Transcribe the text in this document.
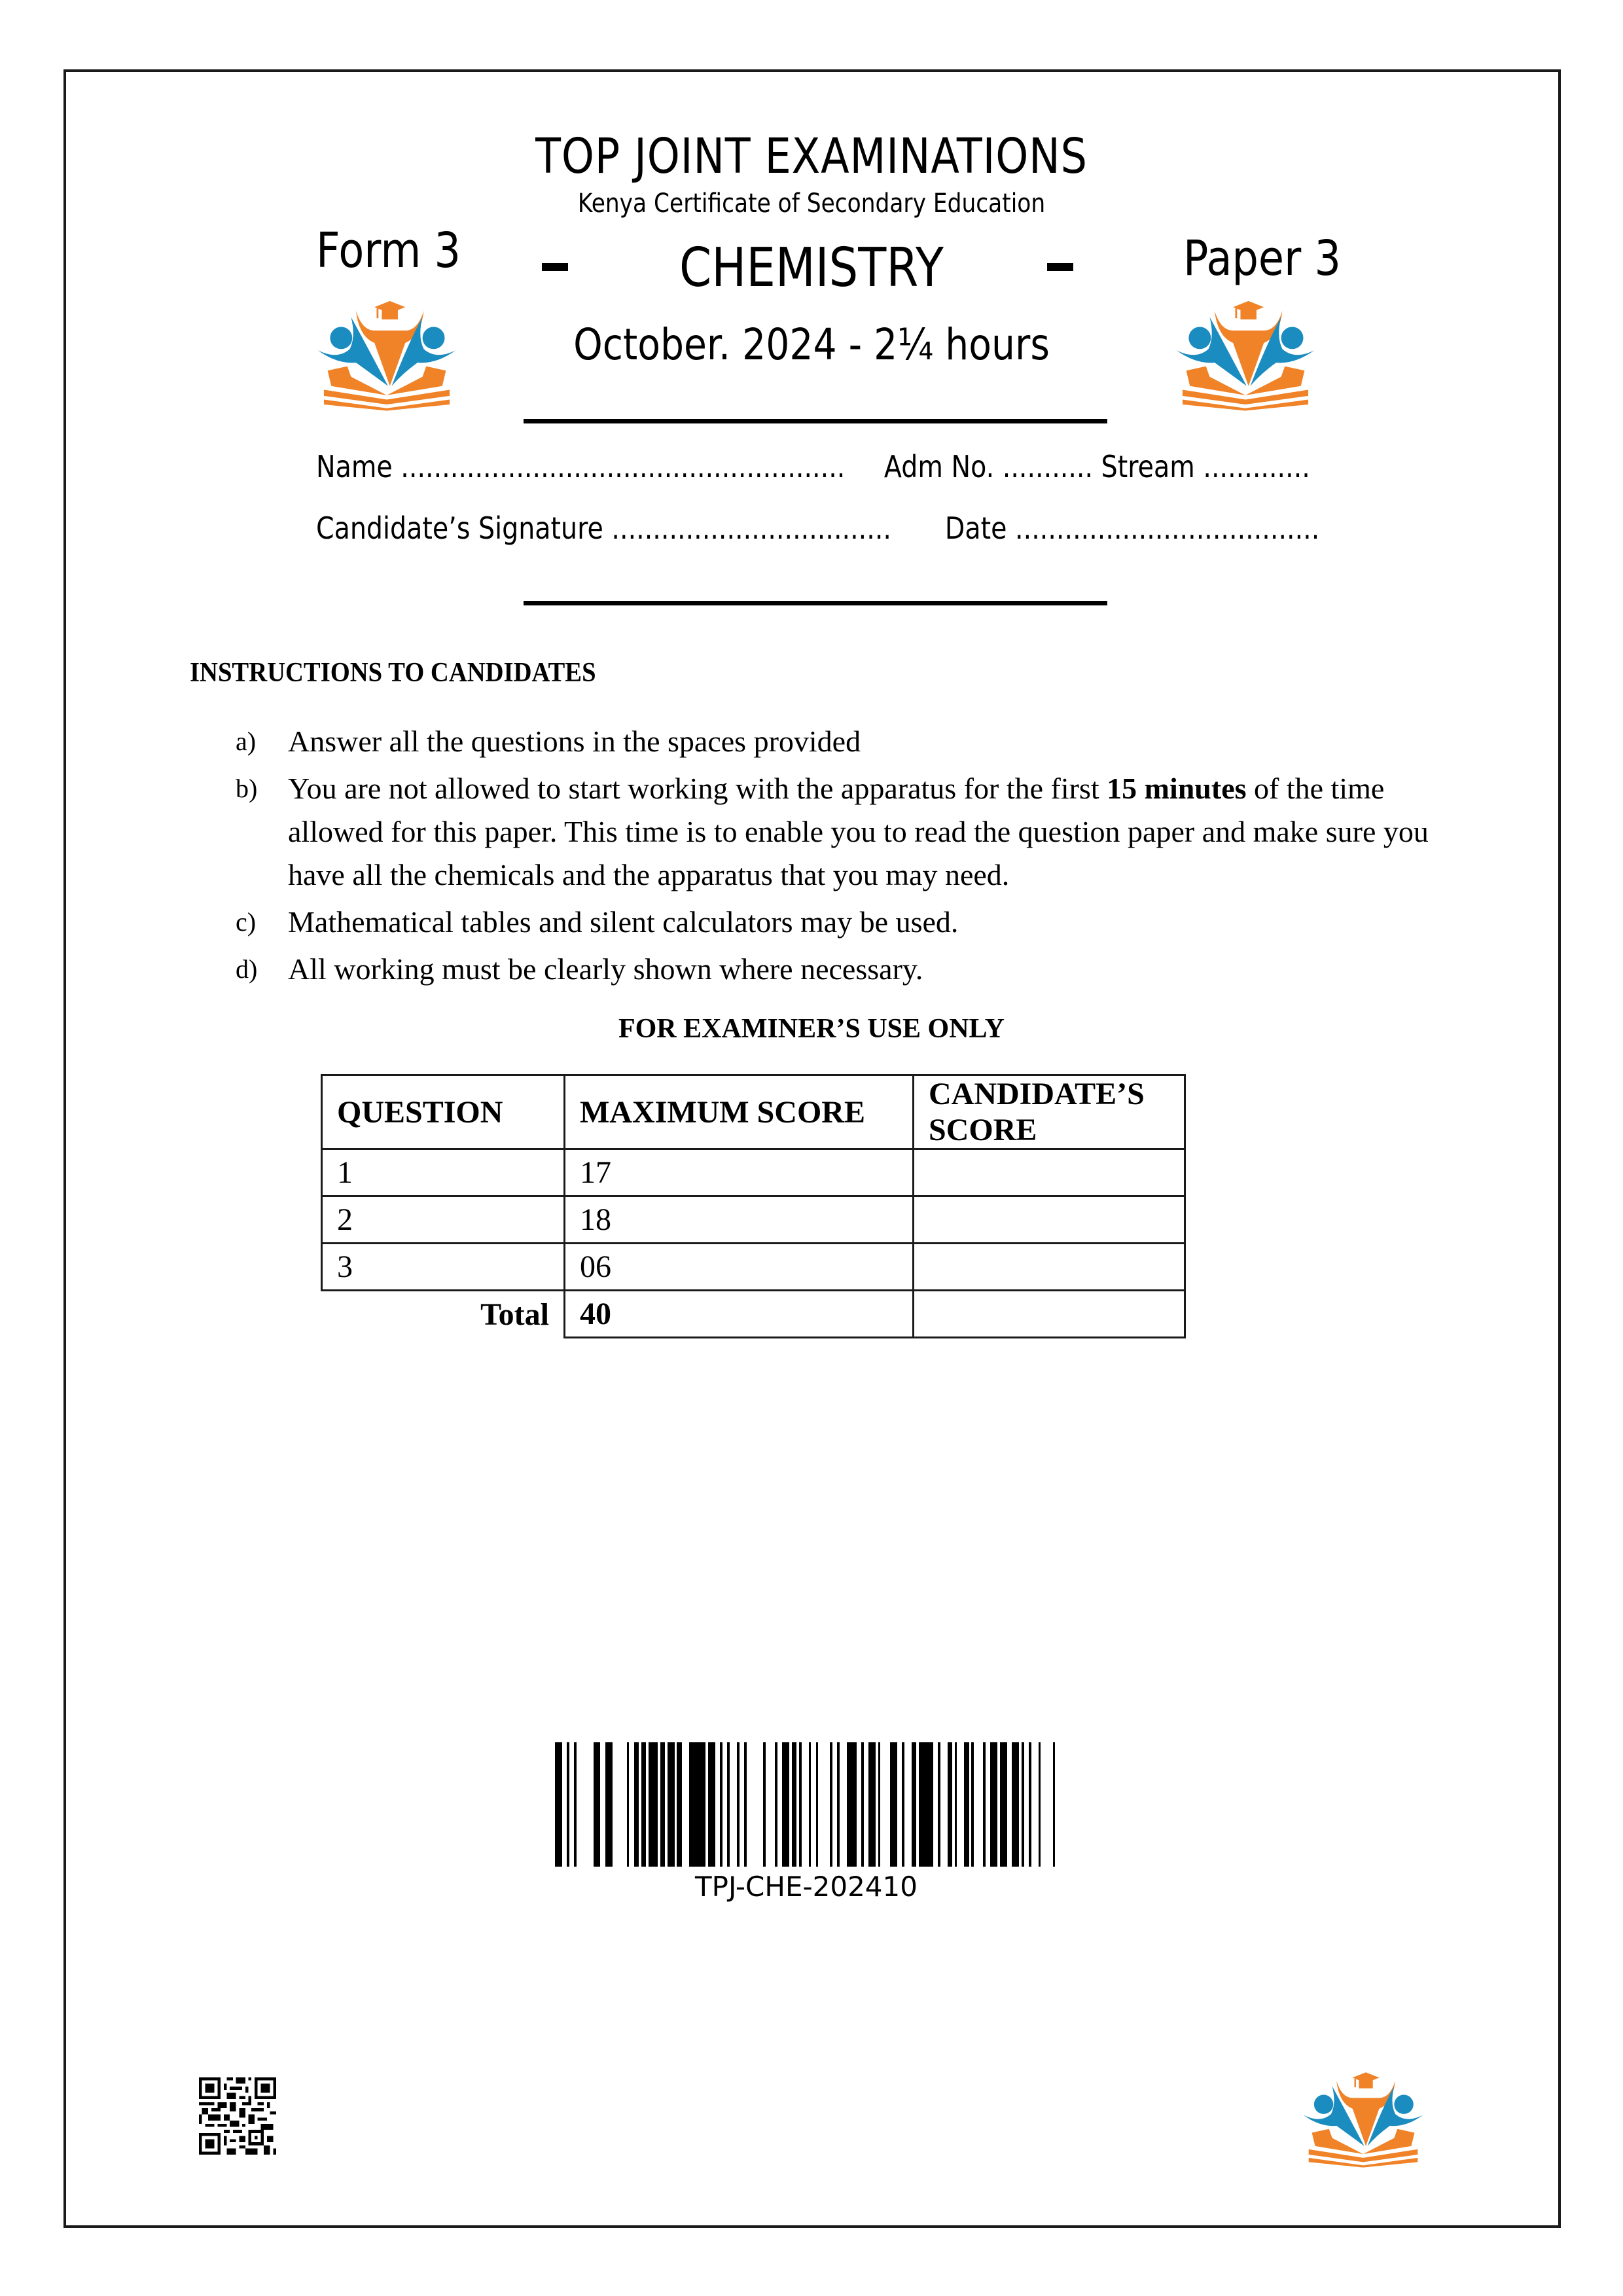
TOP JOINT EXAMINATIONS
Kenya Certificate of Secondary Education
Form 3	CHEMISTRY	Paper 3
October. 2024 - 2¼ hours
Name ...................................................... Adm No. ........... Stream .............
Candidate’s Signature .................................. Date .....................................
INSTRUCTIONS TO CANDIDATES
a)	Answer all the questions in the spaces provided
b)	You are not allowed to start working with the apparatus for the first 15 minutes of the time allowed for this paper. This time is to enable you to read the question paper and make sure you have all the chemicals and the apparatus that you may need.
c)	Mathematical tables and silent calculators may be used.
d)	All working must be clearly shown where necessary.
FOR EXAMINER’S USE ONLY
QUESTION	MAXIMUM SCORE	CANDIDATE’S SCORE
1	17	
2	18	
3	06	
Total	40	
TPJ-CHE-202410
